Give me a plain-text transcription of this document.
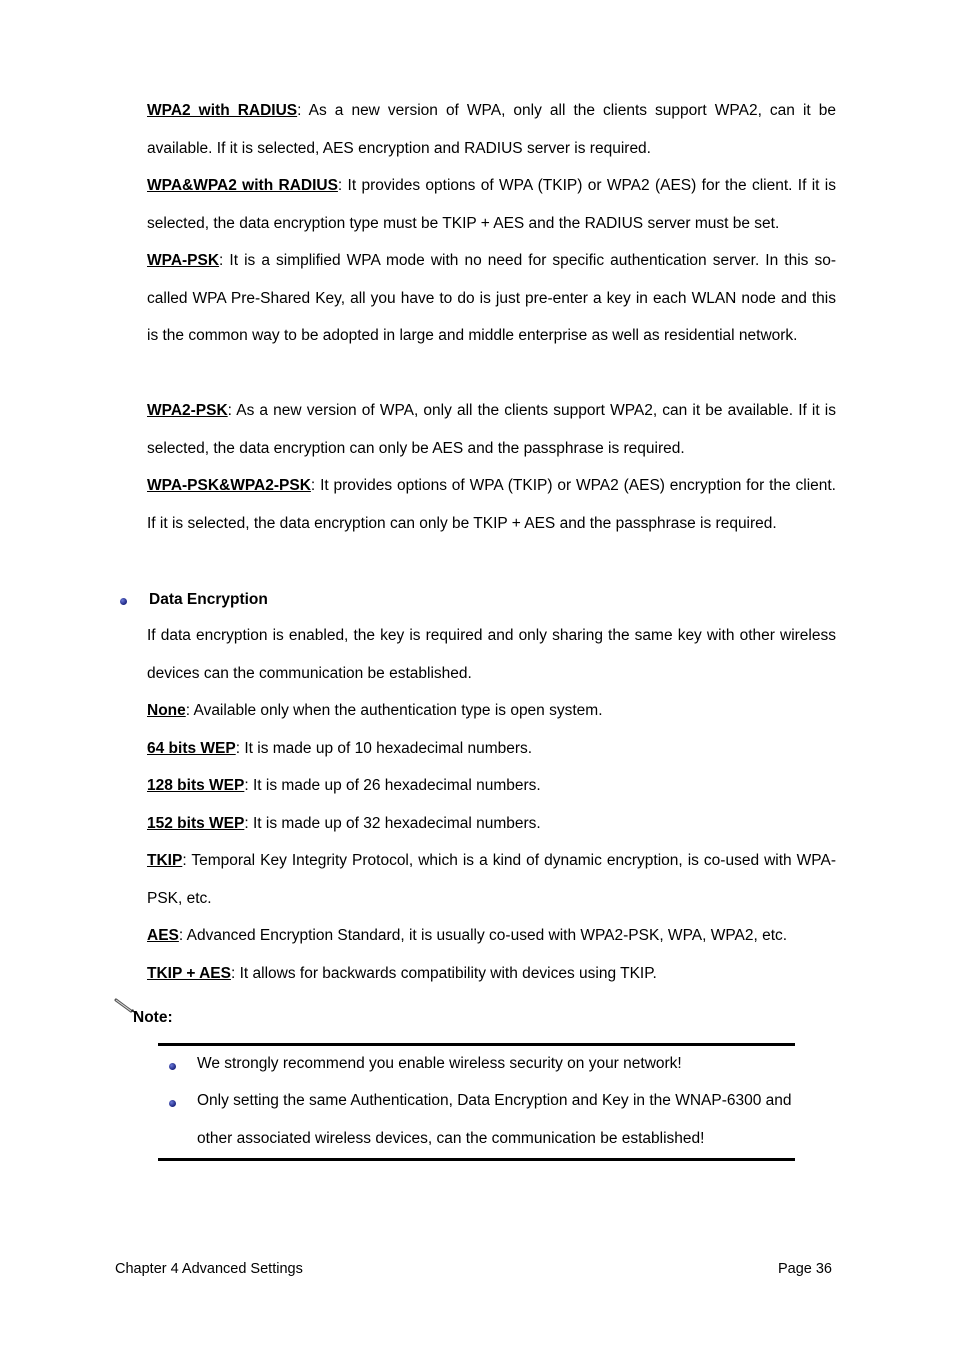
WPA2 with RADIUS: As a new version of WPA, only all the clients support WPA2, can it be available. If it is selected, AES encryption and RADIUS server is required.

WPA&WPA2 with RADIUS: It provides options of WPA (TKIP) or WPA2 (AES) for the client. If it is selected, the data encryption type must be TKIP + AES and the RADIUS server must be set.

WPA-PSK: It is a simplified WPA mode with no need for specific authentication server. In this so-called WPA Pre-Shared Key, all you have to do is just pre-enter a key in each WLAN node and this is the common way to be adopted in large and middle enterprise as well as residential network.

WPA2-PSK: As a new version of WPA, only all the clients support WPA2, can it be available. If it is selected, the data encryption can only be AES and the passphrase is required.

WPA-PSK&WPA2-PSK: It provides options of WPA (TKIP) or WPA2 (AES) encryption for the client. If it is selected, the data encryption can only be TKIP + AES and the passphrase is required.

Data Encryption

If data encryption is enabled, the key is required and only sharing the same key with other wireless devices can the communication be established.

None: Available only when the authentication type is open system.

64 bits WEP: It is made up of 10 hexadecimal numbers.

128 bits WEP: It is made up of 26 hexadecimal numbers.

152 bits WEP: It is made up of 32 hexadecimal numbers.

TKIP: Temporal Key Integrity Protocol, which is a kind of dynamic encryption, is co-used with WPA-PSK, etc.

AES: Advanced Encryption Standard, it is usually co-used with WPA2-PSK, WPA, WPA2, etc.

TKIP + AES: It allows for backwards compatibility with devices using TKIP.

Note:

We strongly recommend you enable wireless security on your network!

Only setting the same Authentication, Data Encryption and Key in the WNAP-6300 and other associated wireless devices, can the communication be established!

Chapter 4 Advanced Settings	Page 36
